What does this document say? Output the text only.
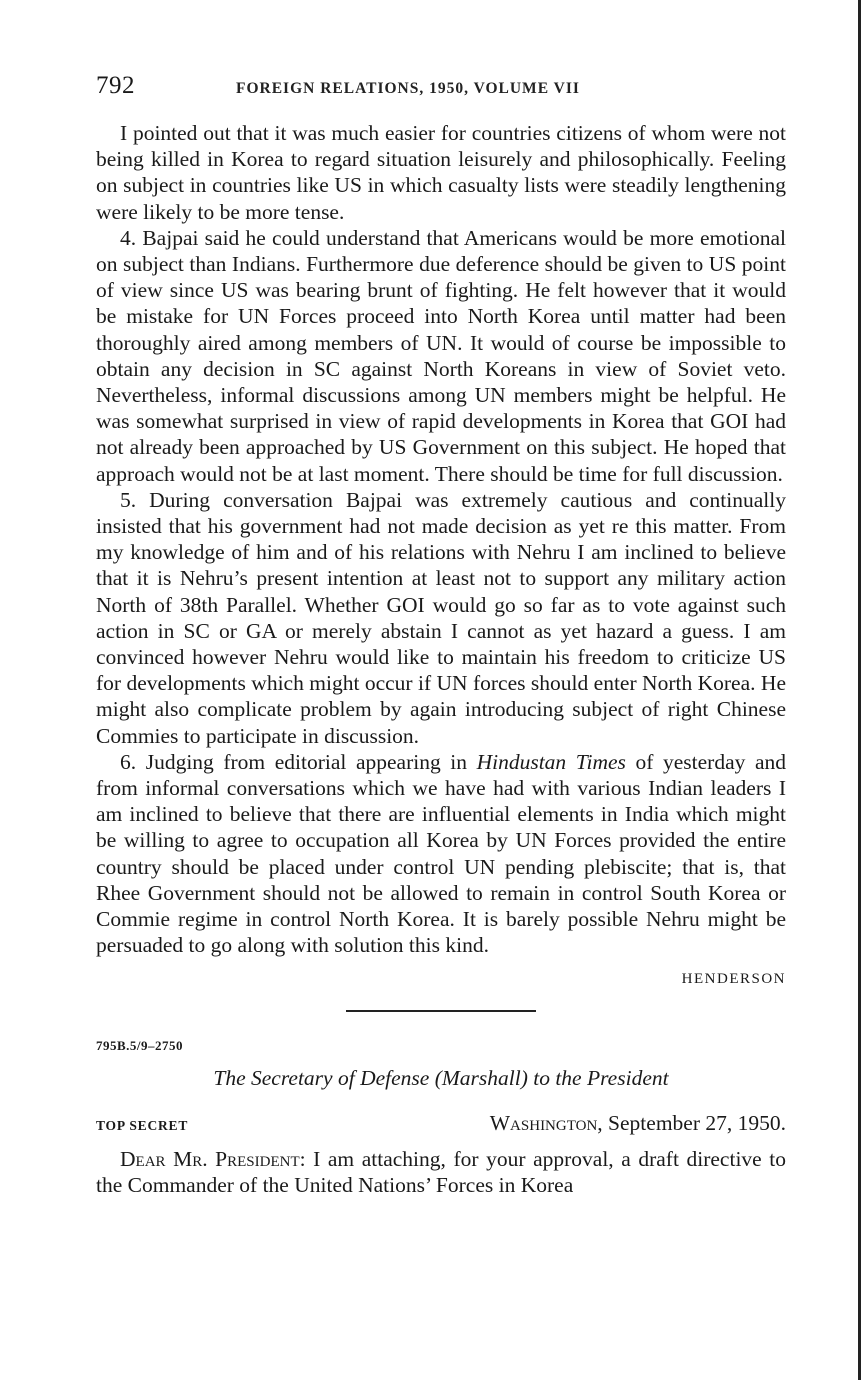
792	FOREIGN RELATIONS, 1950, VOLUME VII

I pointed out that it was much easier for countries citizens of whom were not being killed in Korea to regard situation leisurely and philosophically. Feeling on subject in countries like US in which casualty lists were steadily lengthening were likely to be more tense.

4. Bajpai said he could understand that Americans would be more emotional on subject than Indians. Furthermore due deference should be given to US point of view since US was bearing brunt of fighting. He felt however that it would be mistake for UN Forces proceed into North Korea until matter had been thoroughly aired among members of UN. It would of course be impossible to obtain any decision in SC against North Koreans in view of Soviet veto. Nevertheless, informal discussions among UN members might be helpful. He was somewhat surprised in view of rapid developments in Korea that GOI had not already been approached by US Government on this subject. He hoped that approach would not be at last moment. There should be time for full discussion.

5. During conversation Bajpai was extremely cautious and continually insisted that his government had not made decision as yet re this matter. From my knowledge of him and of his relations with Nehru I am inclined to believe that it is Nehru’s present intention at least not to support any military action North of 38th Parallel. Whether GOI would go so far as to vote against such action in SC or GA or merely abstain I cannot as yet hazard a guess. I am convinced however Nehru would like to maintain his freedom to criticize US for developments which might occur if UN forces should enter North Korea. He might also complicate problem by again introducing subject of right Chinese Commies to participate in discussion.

6. Judging from editorial appearing in Hindustan Times of yesterday and from informal conversations which we have had with various Indian leaders I am inclined to believe that there are influential elements in India which might be willing to agree to occupation all Korea by UN Forces provided the entire country should be placed under control UN pending plebiscite; that is, that Rhee Government should not be allowed to remain in control South Korea or Commie regime in control North Korea. It is barely possible Nehru might be persuaded to go along with solution this kind.

HENDERSON
795B.5/9–2750
The Secretary of Defense (Marshall) to the President
TOP SECRET	Washington, September 27, 1950.

Dear Mr. President: I am attaching, for your approval, a draft directive to the Commander of the United Nations’ Forces in Korea
